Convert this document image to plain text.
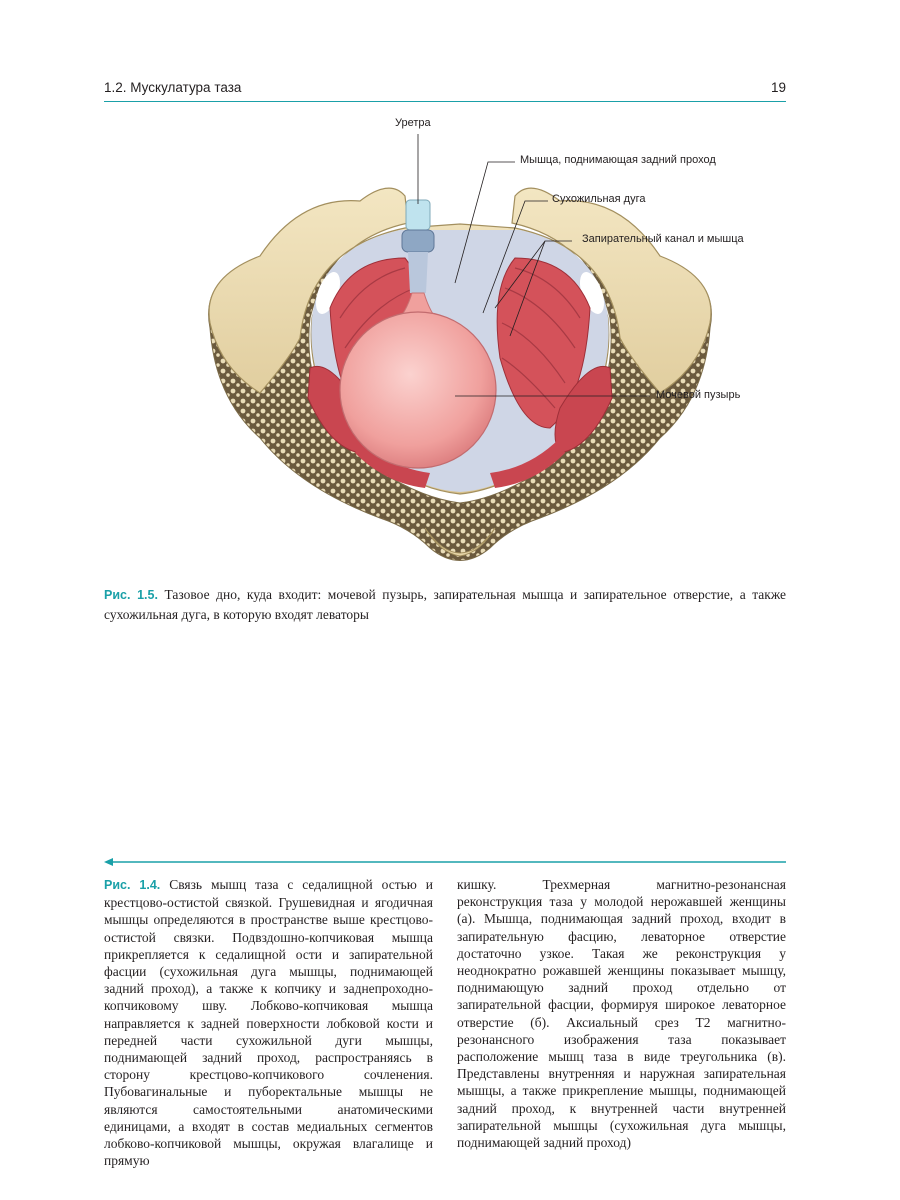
1.2. Мускулатура таза	19
Уретра
Мышца, поднимающая задний проход
Сухожильная дуга
Запирательный канал и мышца
Мочевой пузырь
Рис. 1.5. Тазовое дно, куда входит: мочевой пузырь, запирательная мышца и запирательное отверстие, а также сухожильная дуга, в которую входят леваторы
Рис. 1.4. Связь мышц таза с седалищной остью и крестцово-остистой связкой. Грушевидная и ягодичная мышцы определяются в пространстве выше крестцово-остистой связки. Подвздошно-копчиковая мышца прикрепляется к седалищной ости и запирательной фасции (сухожильная дуга мышцы, поднимающей задний проход), а также к копчику и заднепроходно-копчиковому шву. Лобково-копчиковая мышца направляется к задней поверхности лобковой кости и передней части сухожильной дуги мышцы, поднимающей задний проход, распространяясь в сторону крестцово-копчикового сочленения. Пубовагинальные и пуборектальные мышцы не являются самостоятельными анатомическими единицами, а входят в состав медиальных сегментов лобково-копчиковой мышцы, окружая влагалище и прямую
кишку. Трехмерная магнитно-резонансная реконструкция таза у молодой нерожавшей женщины (а). Мышца, поднимающая задний проход, входит в запирательную фасцию, леваторное отверстие достаточно узкое. Такая же реконструкция у неоднократно рожавшей женщины показывает мышцу, поднимающую задний проход отдельно от запирательной фасции, формируя широкое леваторное отверстие (б). Аксиальный срез Т2 магнитно-резонансного изображения таза показывает расположение мышц таза в виде треугольника (в). Представлены внутренняя и наружная запирательная мышцы, а также прикрепление мышцы, поднимающей задний проход, к внутренней части внутренней запирательной мышцы (сухожильная дуга мышцы, поднимающей задний проход)
